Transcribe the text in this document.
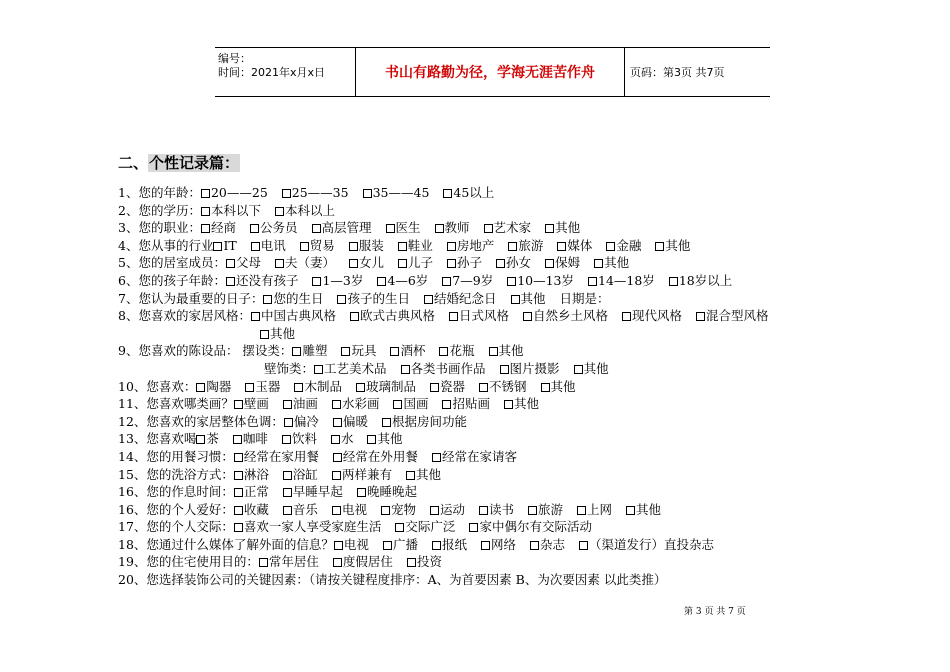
编号：
时间：2021年x月x日	书山有路勤为径，学海无涯苦作舟	页码：第3页 共7页
二、个性记录篇：
1、您的年龄： 20——25 25——35 35——45 45以上
2、您的学历： 本科以下 本科以上
3、您的职业： 经商 公务员 高层管理 医生 教师 艺术家 其他
4、您从事的行业 IT 电讯 贸易 服装 鞋业 房地产 旅游 媒体 金融 其他
5、您的居室成员： 父母 夫（妻） 女儿 儿子 孙子 孙女 保姆 其他
6、您的孩子年龄： 还没有孩子 1—3岁 4—6岁 7—9岁 10—13岁 14—18岁 18岁以上
7、您认为最重要的日子： 您的生日 孩子的生日 结婚纪念日 其他 日期是：
8、您喜欢的家居风格： 中国古典风格 欧式古典风格 日式风格 自然乡土风格 现代风格 混合型风格
其他
9、您喜欢的陈设品： 摆设类： 雕塑 玩具 酒杯 花瓶 其他
壁饰类： 工艺美术品 各类书画作品 图片摄影 其他
10、您喜欢： 陶器 玉器 木制品 玻璃制品 瓷器 不锈钢 其他
11、您喜欢哪类画？ 壁画 油画 水彩画 国画 招贴画 其他
12、您喜欢的家居整体色调： 偏冷 偏暖 根据房间功能
13、您喜欢喝 茶 咖啡 饮料 水 其他
14、您的用餐习惯： 经常在家用餐 经常在外用餐 经常在家请客
15、您的洗浴方式： 淋浴 浴缸 两样兼有 其他
16、您的作息时间： 正常 早睡早起 晚睡晚起
16、您的个人爱好： 收藏 音乐 电视 宠物 运动 读书 旅游 上网 其他
17、您的个人交际： 喜欢一家人享受家庭生活 交际广泛 家中偶尔有交际活动
18、您通过什么媒体了解外面的信息？ 电视 广播 报纸 网络 杂志 （渠道发行）直投杂志
19、您的住宅使用目的： 常年居住 度假居住 投资
20、您选择装饰公司的关键因素：（请按关键程度排序：A、为首要因素 B、为次要因素 以此类推）
第 3 页 共 7 页
